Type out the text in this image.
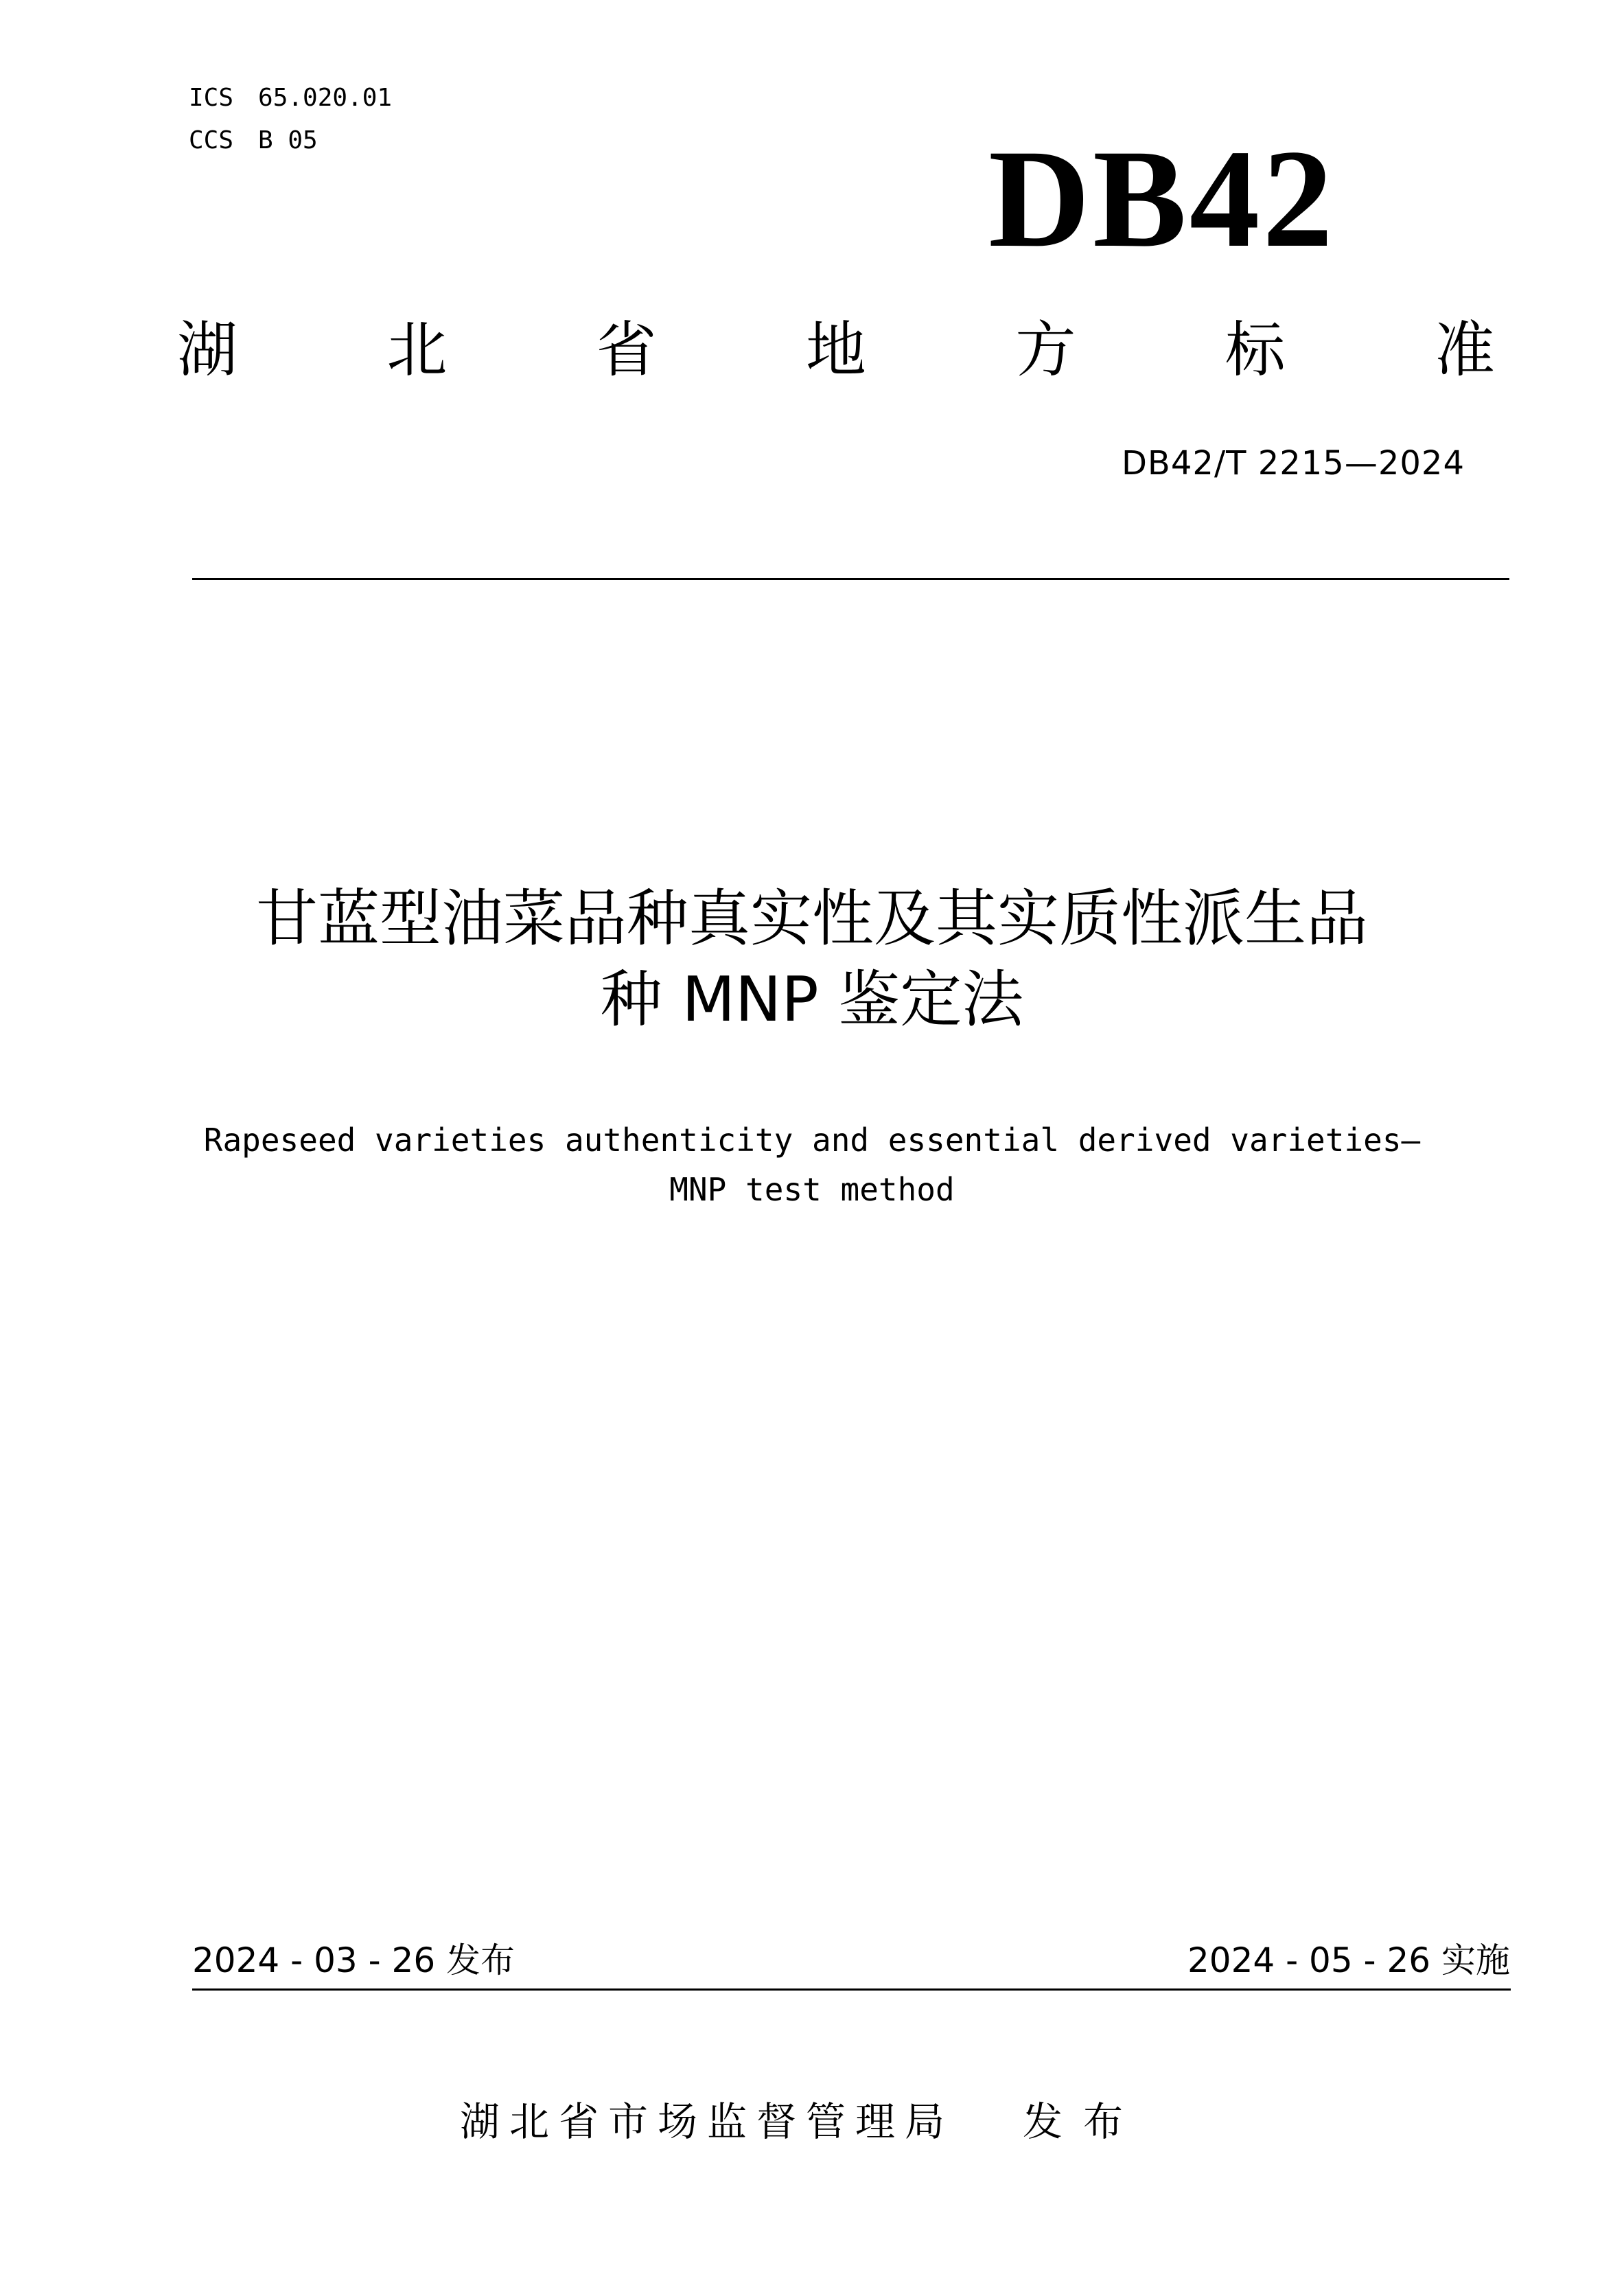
ICS 65.020.01
CCS B 05	DB42
湖 北 省 地 方 标 准
DB42/T 2215—2024
甘蓝型油菜品种真实性及其实质性派生品
种 MNP 鉴定法
Rapeseed varieties authenticity and essential derived varieties—
MNP test method
2024 - 03 - 26 发布	2024 - 05 - 26 实施
湖北省市场监督管理局 发布
